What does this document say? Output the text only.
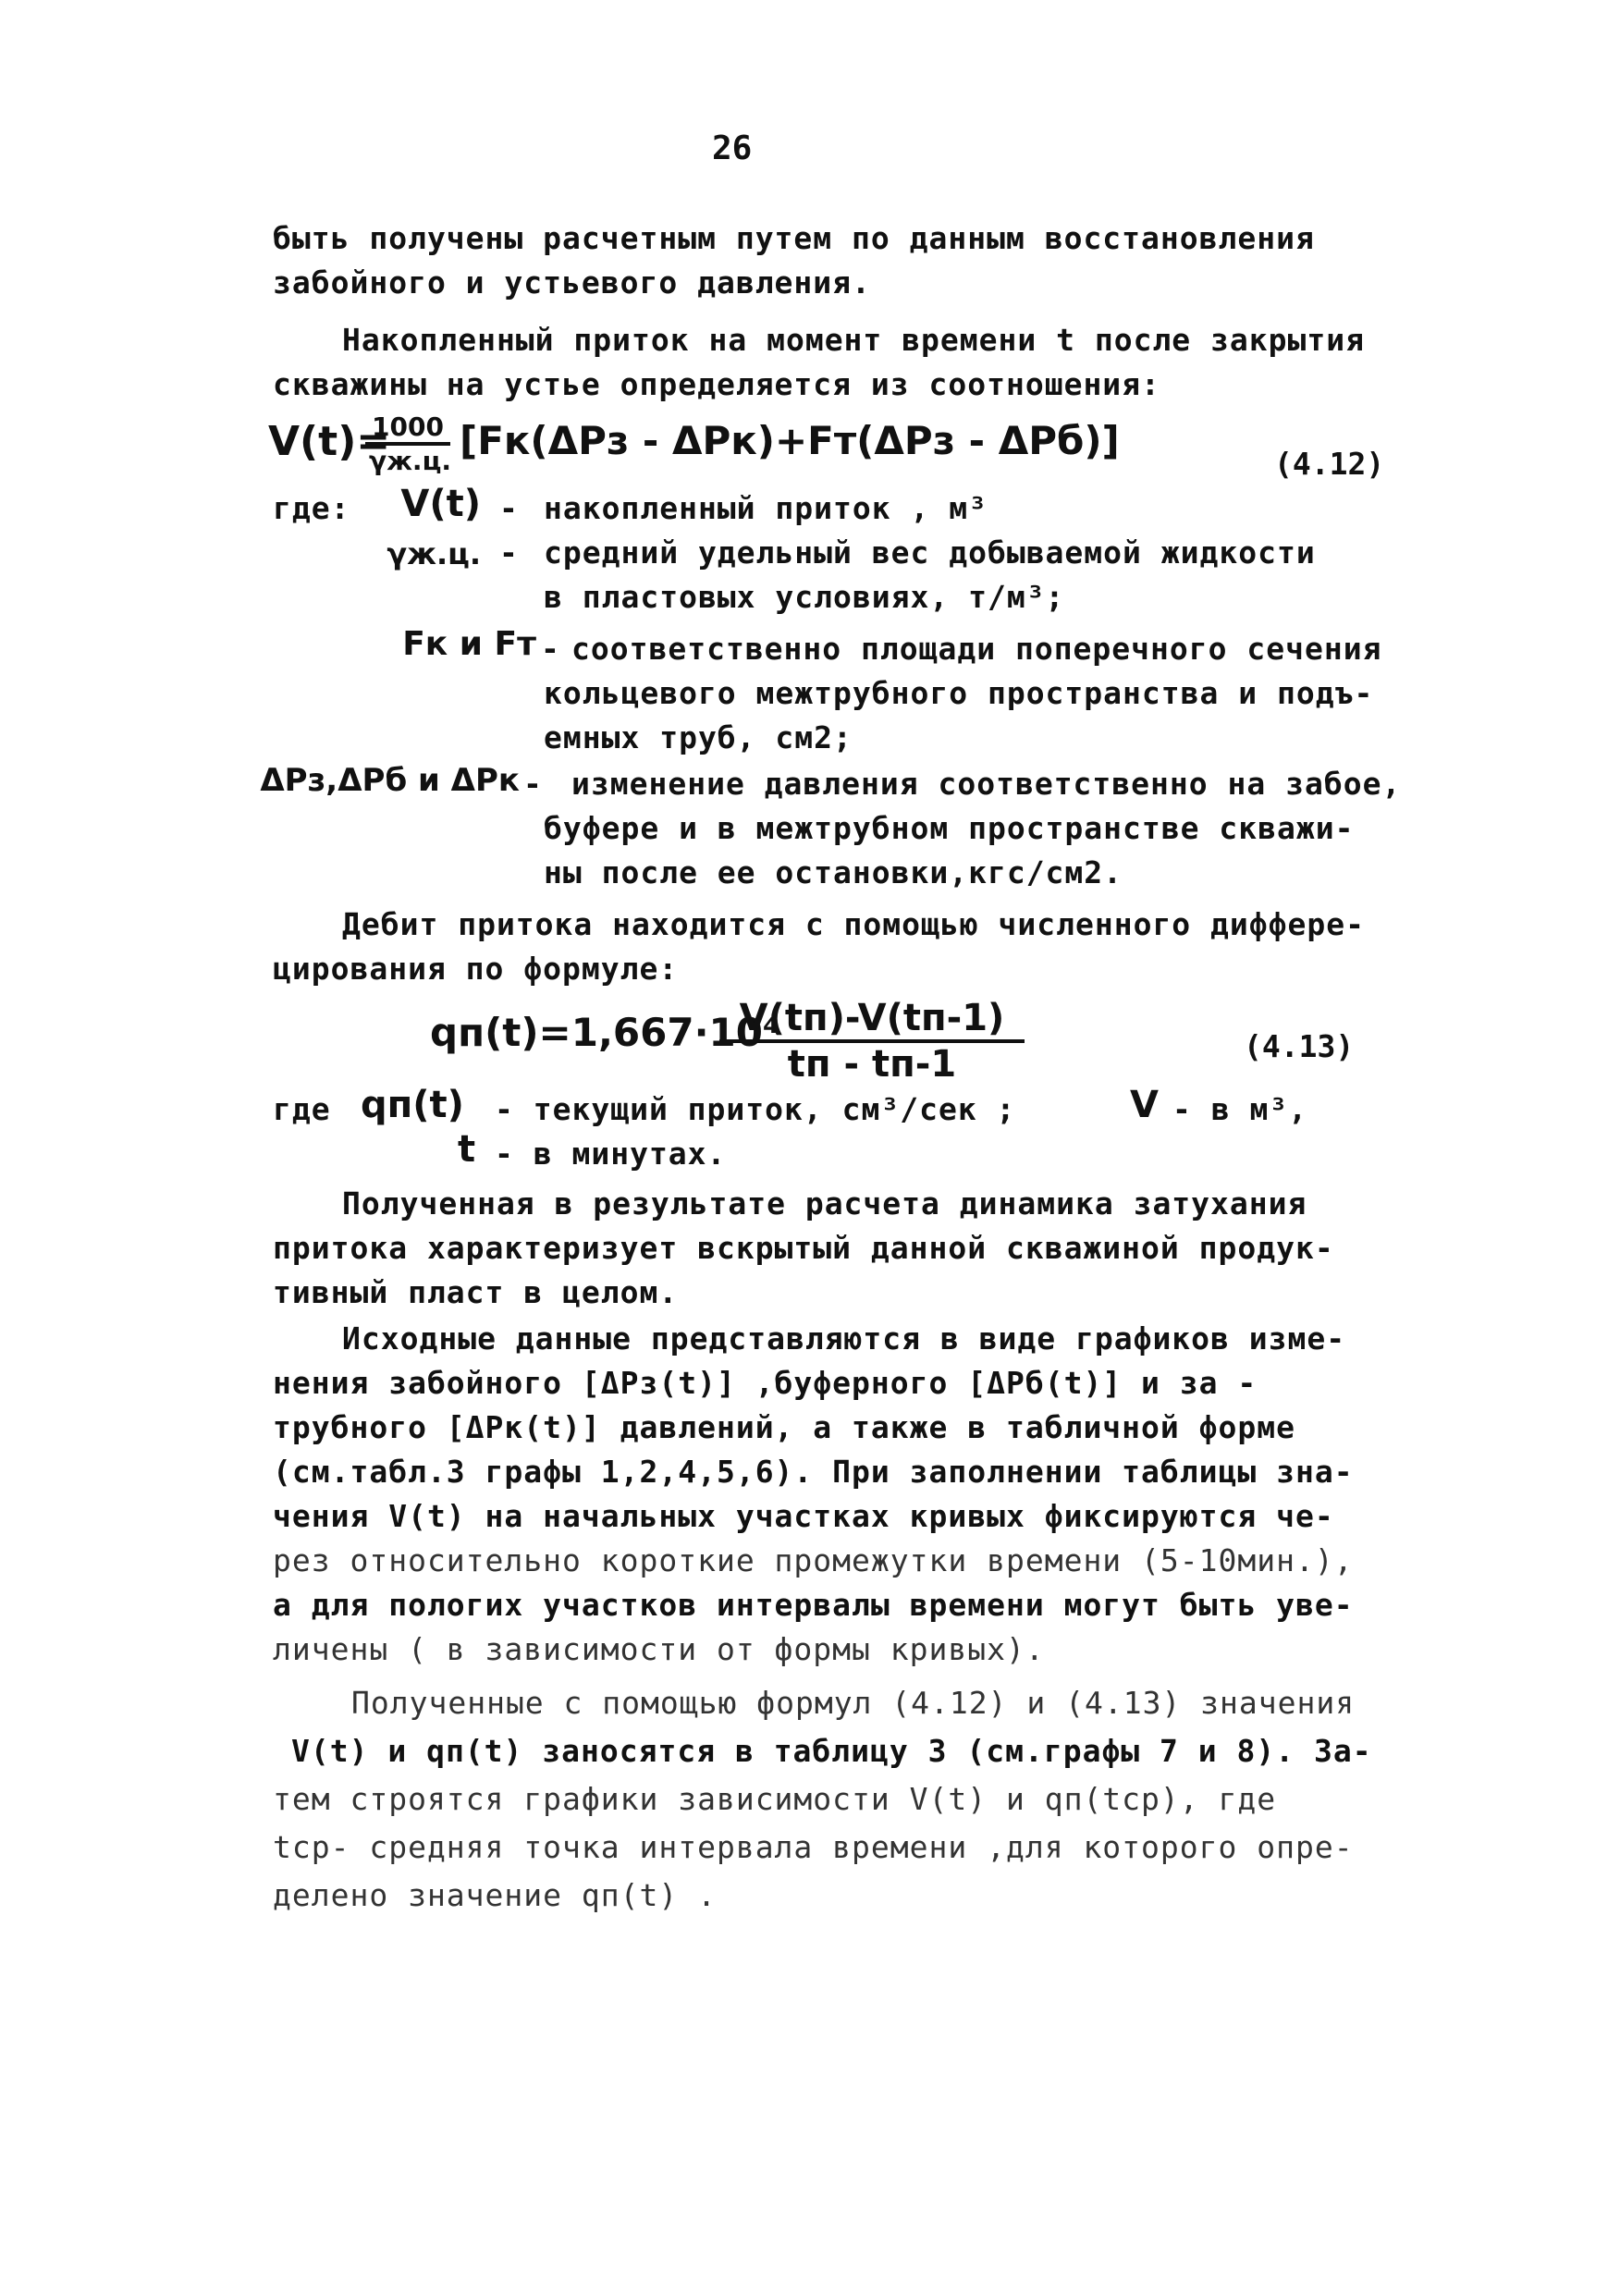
26
быть получены расчетным путем по данным восстановления
забойного и устьевого давления.
Накопленный приток на момент времени t после закрытия
скважины на устье определяется из соотношения:
V(t)=
1000
γж.ц. [Fк(ΔPз - ΔPк)+Fт(ΔPз - ΔPб)]
(4.12)
где:	V(t) - накопленный приток , м³
γж.ц. - средний удельный вес добываемой жидкости
в пластовых условиях, т/м³;
Fк и Fт - соответственно площади поперечного сечения
кольцевого межтрубного пространства и подъ-
емных труб, см2;
ΔPз,ΔPб и ΔPк - изменение давления соответственно на забое,
буфере и в межтрубном пространстве скважи-
ны после ее остановки,кгс/см2.
Дебит притока находится с помощью численного диффере-
цирования по формуле:
qп(t)=1,667·10⁴
V(tп)-V(tп-1)
tп - tп-1	(4.13)
где qп(t) - текущий приток, см³/сек ;	V - в м³,
t - в минутах.
Полученная в результате расчета динамика затухания
притока характеризует вскрытый данной скважиной продук-
тивный пласт в целом.
Исходные данные представляются в виде графиков изме-
нения забойного [ΔPз(t)] ,буферного [ΔPб(t)] и за -
трубного [ΔPк(t)] давлений, а также в табличной форме
(см.табл.3 графы 1,2,4,5,6). При заполнении таблицы зна-
чения V(t) на начальных участках кривых фиксируются че-
рез относительно короткие промежутки времени (5-10мин.),
а для пологих участков интервалы времени могут быть уве-
личены ( в зависимости от формы кривых).
Полученные с помощью формул (4.12) и (4.13) значения
V(t) и qп(t) заносятся в таблицу 3 (см.графы 7 и 8). За-
тем строятся графики зависимости V(t) и qп(tср), где
tср- средняя точка интервала времени ,для которого опре-
делено значение qп(t) .
